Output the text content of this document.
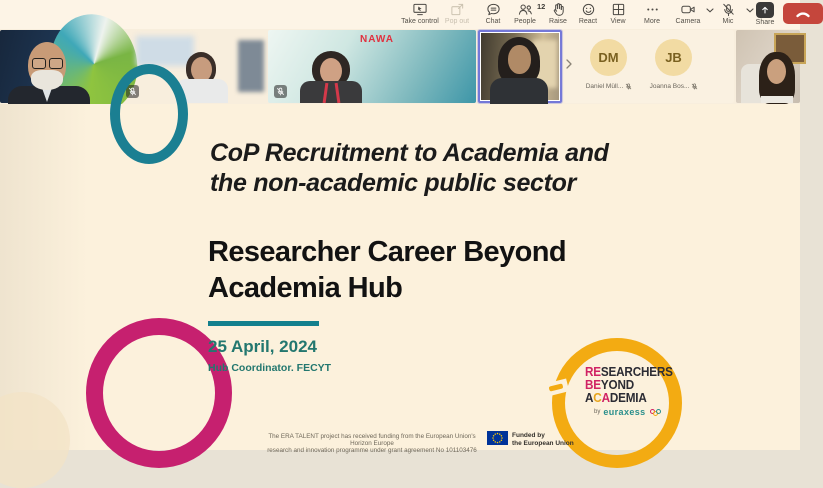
Take control Pop out	Chat
12
People	Raise	React	View	More	Camera	Mic	Share
NAWA
DM
Daniel Müll...
JB
Joanna Bos...
CoP Recruitment to Academia and
the non-academic public sector
Researcher Career Beyond
Academia Hub
25 April, 2024
Hub Coordinator. FECYT	RESEARCHERS
BEYOND
ACADEMIA
by euraxess
The ERA TALENT project has received funding from the European Union's Horizon Europe
research and innovation programme under grant agreement No 101103476
Funded by
the European Union
